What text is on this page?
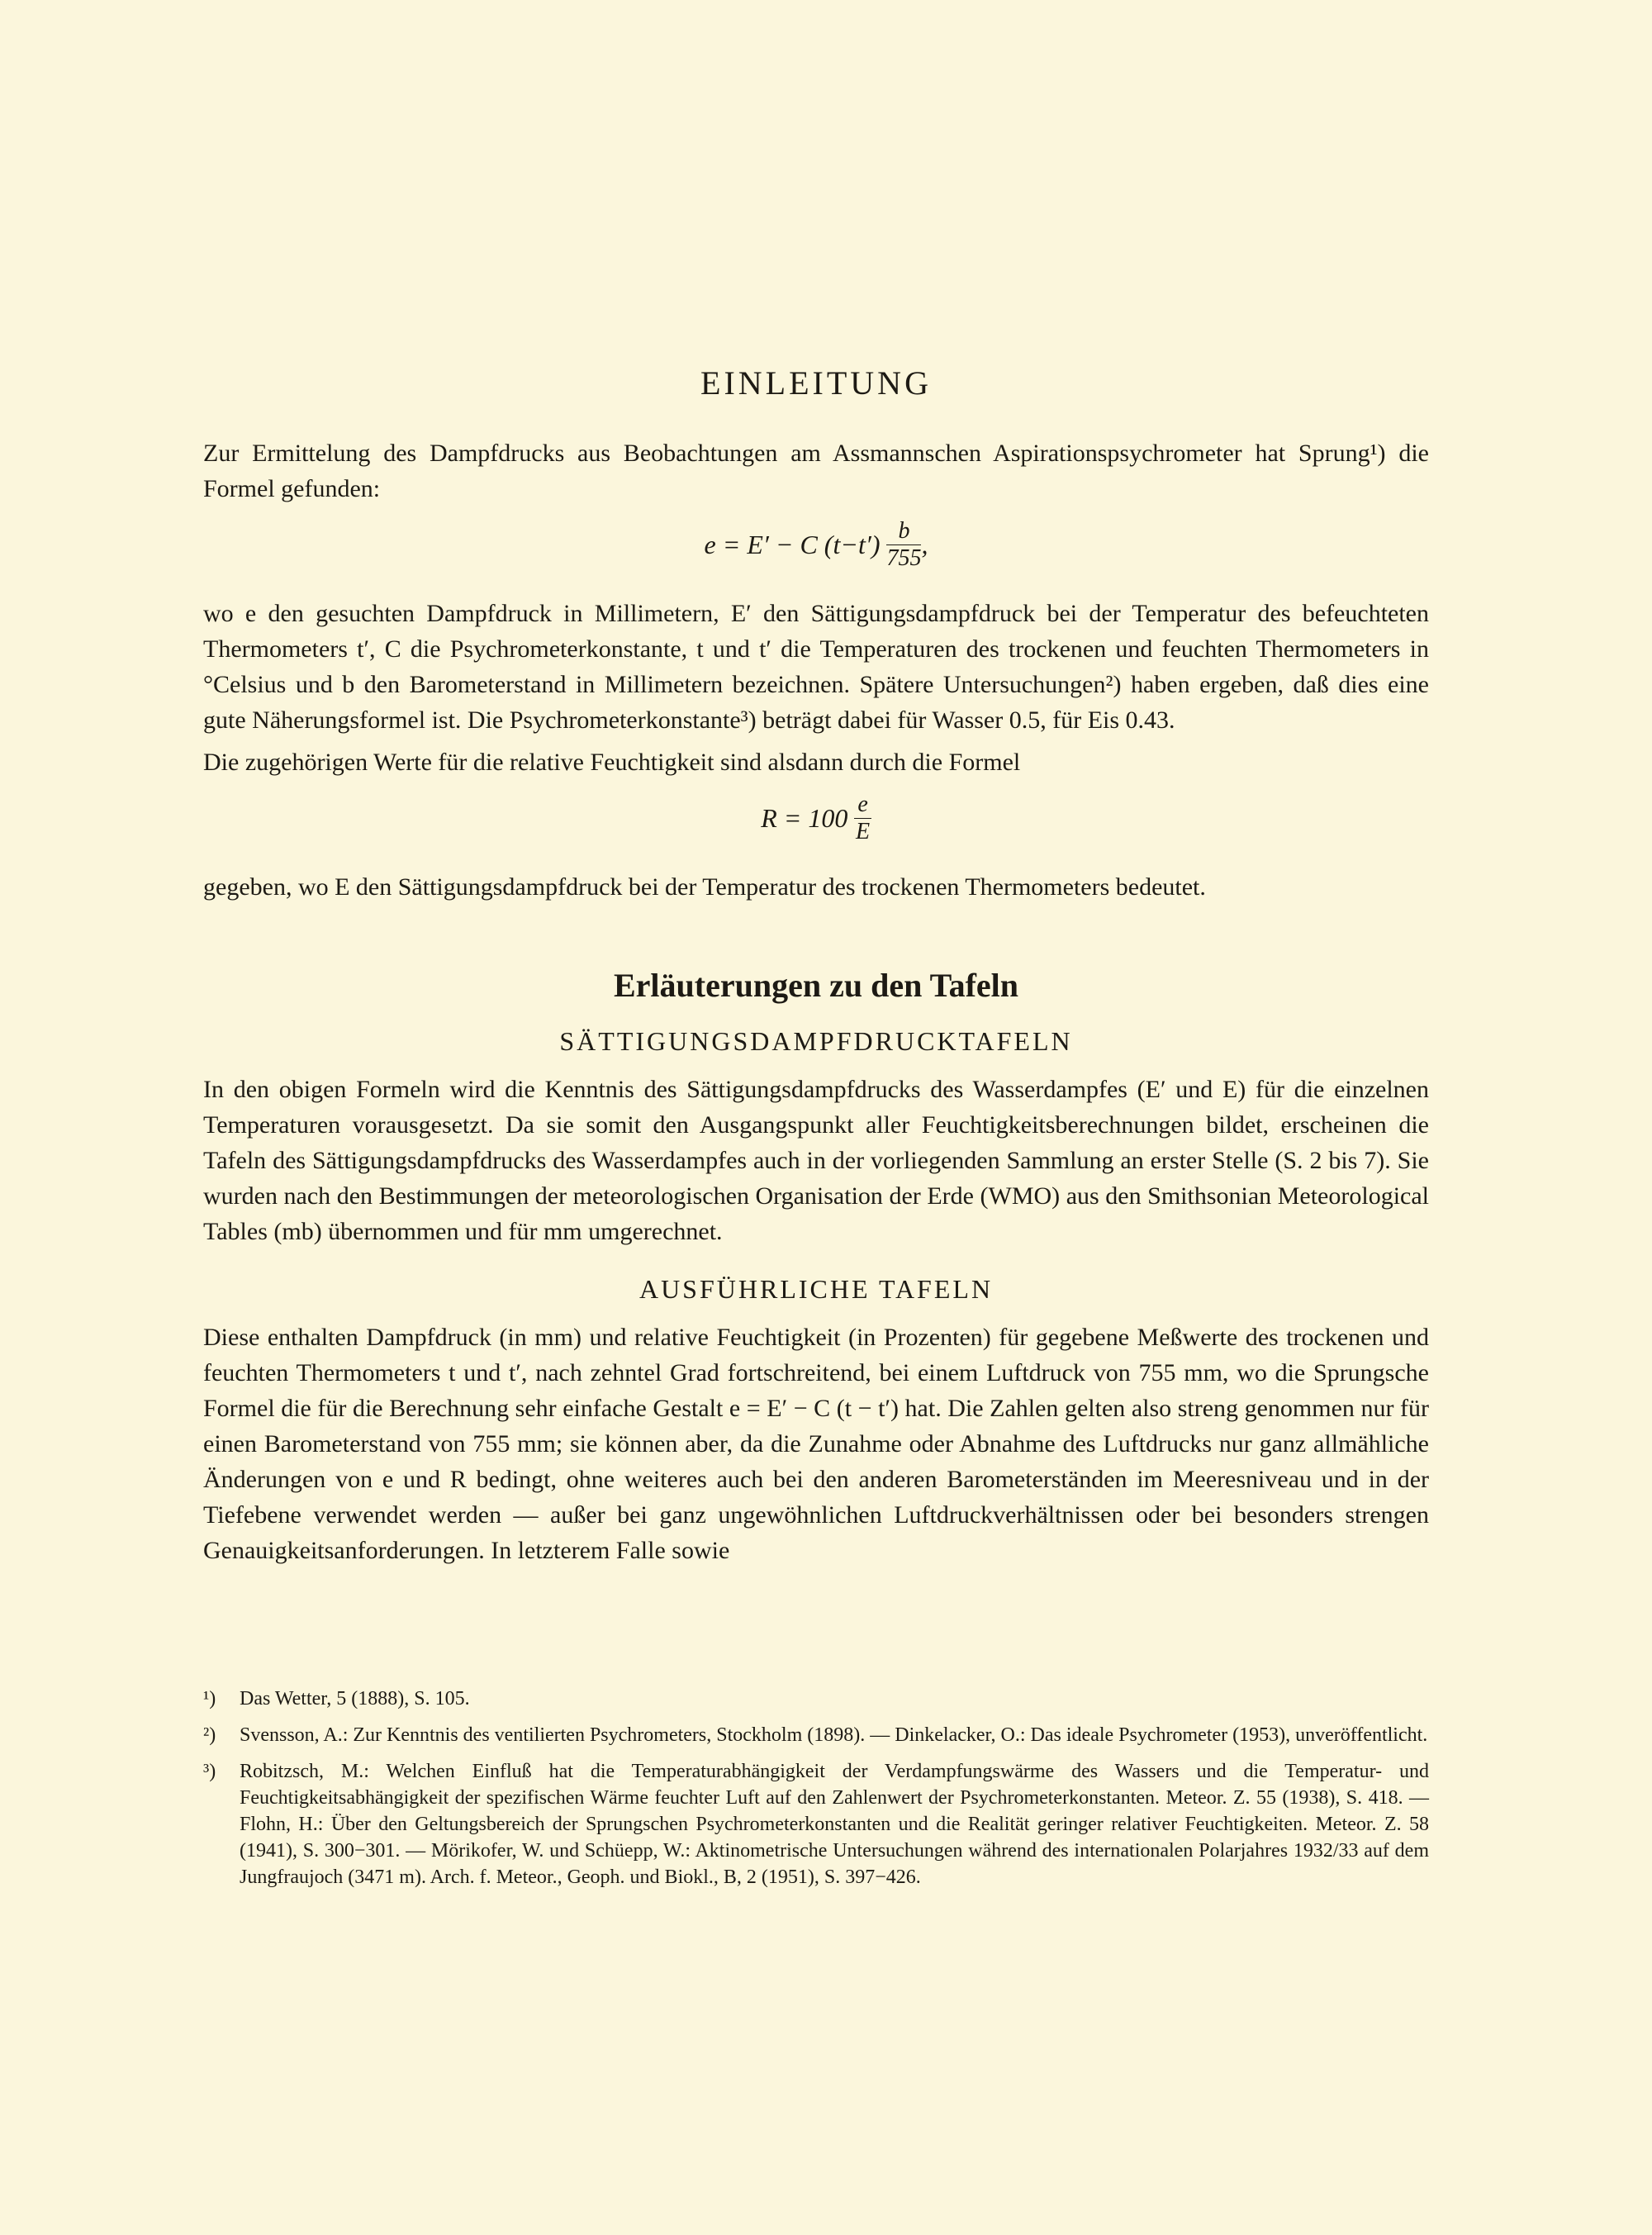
EINLEITUNG

Zur Ermittelung des Dampfdrucks aus Beobachtungen am Assmannschen Aspirationspsychrometer hat Sprung¹) die Formel gefunden:

e = E′ − C $(t-t') \frac{b}{755}$ ,

wo e den gesuchten Dampfdruck in Millimetern, E′ den Sättigungsdampfdruck bei der Temperatur des befeuchteten Thermometers t′, C die Psychrometerkonstante, t und t′ die Temperaturen des trockenen und feuchten Thermometers in °Celsius und b den Barometerstand in Millimetern bezeichnen. Spätere Untersuchungen²) haben ergeben, daß dies eine gute Näherungsformel ist. Die Psychrometerkonstante³) beträgt dabei für Wasser 0.5, für Eis 0.43.

Die zugehörigen Werte für die relative Feuchtigkeit sind alsdann durch die Formel

$R = 100 \frac{e}{E}$

gegeben, wo E den Sättigungsdampfdruck bei der Temperatur des trockenen Thermometers bedeutet.

Erläuterungen zu den Tafeln
SÄTTIGUNGSDAMPFDRUCKTAFELN

In den obigen Formeln wird die Kenntnis des Sättigungsdampfdrucks des Wasserdampfes (E′ und E) für die einzelnen Temperaturen vorausgesetzt. Da sie somit den Ausgangspunkt aller Feuchtigkeitsberechnungen bildet, erscheinen die Tafeln des Sättigungsdampfdrucks des Wasserdampfes auch in der vorliegenden Sammlung an erster Stelle (S. 2 bis 7). Sie wurden nach den Bestimmungen der meteorologischen Organisation der Erde (WMO) aus den Smithsonian Meteorological Tables (mb) übernommen und für mm umgerechnet.

AUSFÜHRLICHE TAFELN

Diese enthalten Dampfdruck (in mm) und relative Feuchtigkeit (in Prozenten) für gegebene Meßwerte des trockenen und feuchten Thermometers t und t′, nach zehntel Grad fortschreitend, bei einem Luftdruck von 755 mm, wo die Sprungsche Formel die für die Berechnung sehr einfache Gestalt e = E′ − C (t − t′) hat. Die Zahlen gelten also streng genommen nur für einen Barometerstand von 755 mm; sie können aber, da die Zunahme oder Abnahme des Luftdrucks nur ganz allmähliche Änderungen von e und R bedingt, ohne weiteres auch bei den anderen Barometerständen im Meeresniveau und in der Tiefebene verwendet werden — außer bei ganz ungewöhnlichen Luftdruckverhältnissen oder bei besonders strengen Genauigkeitsanforderungen. In letzterem Falle sowie

¹) Das Wetter, 5 (1888), S. 105.
²) Svensson, A.: Zur Kenntnis des ventilierten Psychrometers, Stockholm (1898). — Dinkelacker, O.: Das ideale Psychrometer (1953), unveröffentlicht.
³) Robitzsch, M.: Welchen Einfluß hat die Temperaturabhängigkeit der Verdampfungswärme des Wassers und die Temperatur- und Feuchtigkeitsabhängigkeit der spezifischen Wärme feuchter Luft auf den Zahlenwert der Psychrometerkonstanten. Meteor. Z. 55 (1938), S. 418. — Flohn, H.: Über den Geltungsbereich der Sprungschen Psychrometerkonstanten und die Realität geringer relativer Feuchtigkeiten. Meteor. Z. 58 (1941), S. 300−301. — Mörikofer, W. und Schüepp, W.: Aktinometrische Untersuchungen während des internationalen Polarjahres 1932/33 auf dem Jungfraujoch (3471 m). Arch. f. Meteor., Geoph. und Biokl., B, 2 (1951), S. 397−426.
